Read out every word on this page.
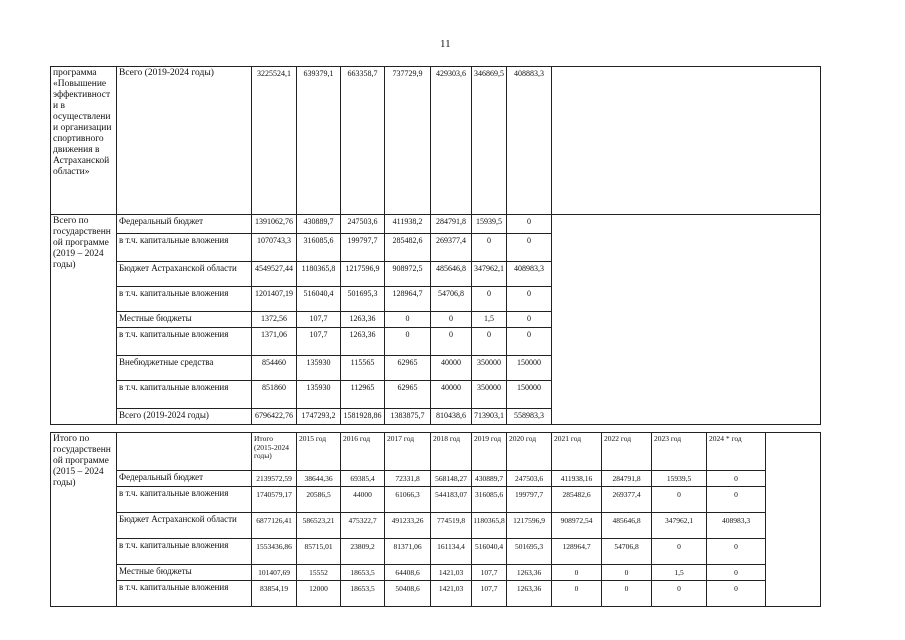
11
программа «Повышение эффективности в осуществлении организации спортивного движения в Астраханской области»	Всего (2019-2024 годы)	3225524,1	639379,1	663358,7	737729,9	429303,6	346869,5	408883,3	
Всего по государственной программе (2019 – 2024 годы)	Федеральный бюджет	1391062,76	430889,7	247503,6	411938,2	284791,8	15939,5	0	
	в т.ч. капитальные вложения	1070743,3	316085,6	199797,7	285482,6	269377,4	0	0	
	Бюджет Астраханской области	4549527,44	1180365,8	1217596,9	908972,5	485646,8	347962,1	408983,3	
	в т.ч. капитальные вложения	1201407,19	516040,4	501695,3	128964,7	54706,8	0	0	
	Местные бюджеты	1372,56	107,7	1263,36	0	0	1,5	0	
	в т.ч. капитальные вложения	1371,06	107,7	1263,36	0	0	0	0	
	Внебюджетные средства	854460	135930	115565	62965	40000	350000	150000	
	в т.ч. капитальные вложения	851860	135930	112965	62965	40000	350000	150000	
	Всего (2019-2024 годы)	6796422,76	1747293,2	1581928,86	1383875,7	810438,6	713903,1	558983,3	
Итого по государственной программе (2015 – 2024 годы)		Итого (2015-2024 годы)	2015 год	2016 год	2017 год	2018 год	2019 год	2020 год	2021 год	2022 год	2023 год	2024 * год	
	Федеральный бюджет	2139572,59	38644,36	69385,4	72331,8	568148,27	430889,7	247503,6	411938,16	284791,8	15939,5	0	
	в т.ч. капитальные вложения	1740579,17	20586,5	44000	61066,3	544183,07	316085,6	199797,7	285482,6	269377,4	0	0	
	Бюджет Астраханской области	6877126,41	586523,21	475322,7	491233,26	774519,8	1180365,8	1217596,9	908972,54	485646,8	347962,1	408983,3	
	в т.ч. капитальные вложения	1553436,86	85715,01	23809,2	81371,06	161134,4	516040,4	501695,3	128964,7	54706,8	0	0	
	Местные бюджеты	101407,69	15552	18653,5	64408,6	1421,03	107,7	1263,36	0	0	1,5	0	
	в т.ч. капитальные вложения	83854,19	12000	18653,5	50408,6	1421,03	107,7	1263,36	0	0	0	0	
